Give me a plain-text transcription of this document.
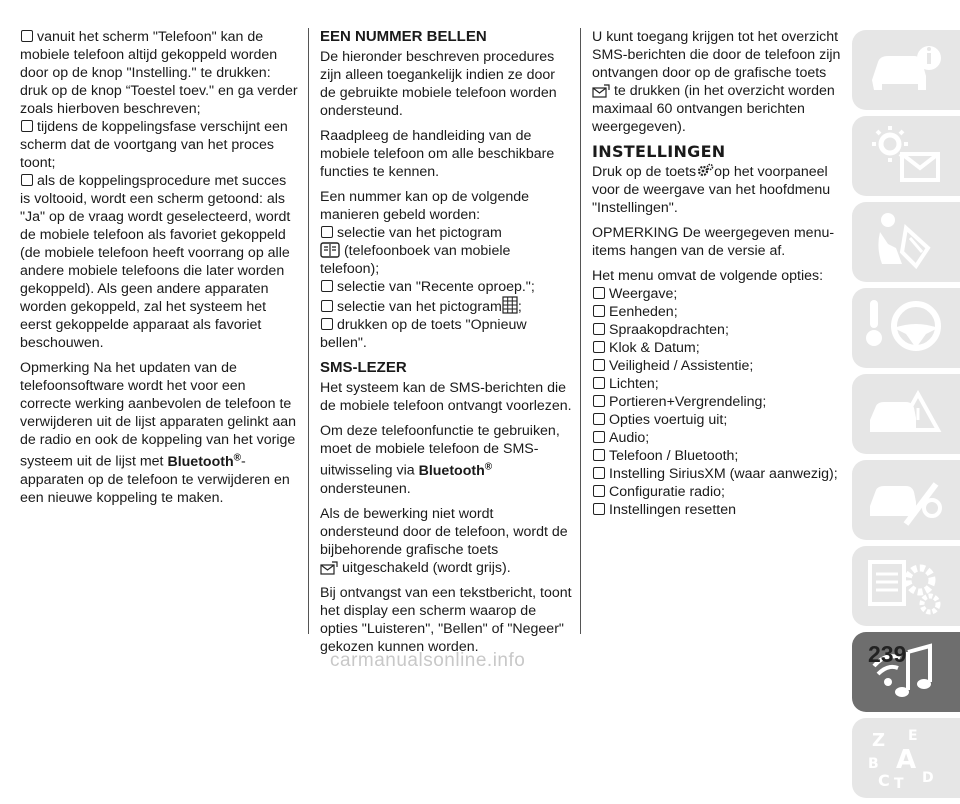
vanuit het scherm "Telefoon" kan de mobiele telefoon altijd gekoppeld worden door op de knop "Instelling." te drukken: druk op de knop “Toestel toev." en ga verder zoals hierboven beschreven;

tijdens de koppelingsfase verschijnt een scherm dat de voortgang van het proces toont;

als de koppelingsprocedure met succes is voltooid, wordt een scherm getoond: als "Ja" op de vraag wordt geselecteerd, wordt de mobiele telefoon als favoriet gekoppeld (de mobiele telefoon heeft voorrang op alle andere mobiele telefoons die later worden gekoppeld). Als geen andere apparaten worden gekoppeld, zal het systeem het eerst gekoppelde apparaat als favoriet beschouwen.

Opmerking Na het updaten van de telefoonsoftware wordt het voor een correcte werking aanbevolen de telefoon te verwijderen uit de lijst apparaten gelinkt aan de radio en ook de koppeling van het vorige systeem uit de lijst met Bluetooth®-apparaten op de telefoon te verwijderen en een nieuwe koppeling te maken.

EEN NUMMER BELLEN

De hieronder beschreven procedures zijn alleen toegankelijk indien ze door de gebruikte mobiele telefoon worden ondersteund.

Raadpleeg de handleiding van de mobiele telefoon om alle beschikbare functies te kennen.

Een nummer kan op de volgende manieren gebeld worden:

selectie van het pictogram
(telefoonboek van mobiele telefoon);

selectie van "Recente oproep.";

selectie van het pictogram ;

drukken op de toets "Opnieuw bellen".

SMS-LEZER

Het systeem kan de SMS-berichten die de mobiele telefoon ontvangt voorlezen.

Om deze telefoonfunctie te gebruiken, moet de mobiele telefoon de SMS-uitwisseling via Bluetooth® ondersteunen.

Als de bewerking niet wordt ondersteund door de telefoon, wordt de bijbehorende grafische toets
uitgeschakeld (wordt grijs).

Bij ontvangst van een tekstbericht, toont het display een scherm waarop de opties "Luisteren", "Bellen" of "Negeer" gekozen kunnen worden.

U kunt toegang krijgen tot het overzicht SMS-berichten die door de telefoon zijn ontvangen door op de grafische toets
te drukken (in het overzicht worden maximaal 60 ontvangen berichten weergegeven).

INSTELLINGEN

Druk op de toets op het voorpaneel voor de weergave van het hoofdmenu "Instellingen".

OPMERKING De weergegeven menu-items hangen van de versie af.

Het menu omvat de volgende opties:

Weergave;

Eenheden;

Spraakopdrachten;

Klok & Datum;

Veiligheid / Assistentie;

Lichten;

Portieren+Vergrendeling;

Opties voertuig uit;

Audio;

Telefoon / Bluetooth;

Instelling SiriusXM (waar aanwezig);

Configuratie radio;

Instellingen resetten

Z E
A
B
C T D
239
carmanualsonline.info
